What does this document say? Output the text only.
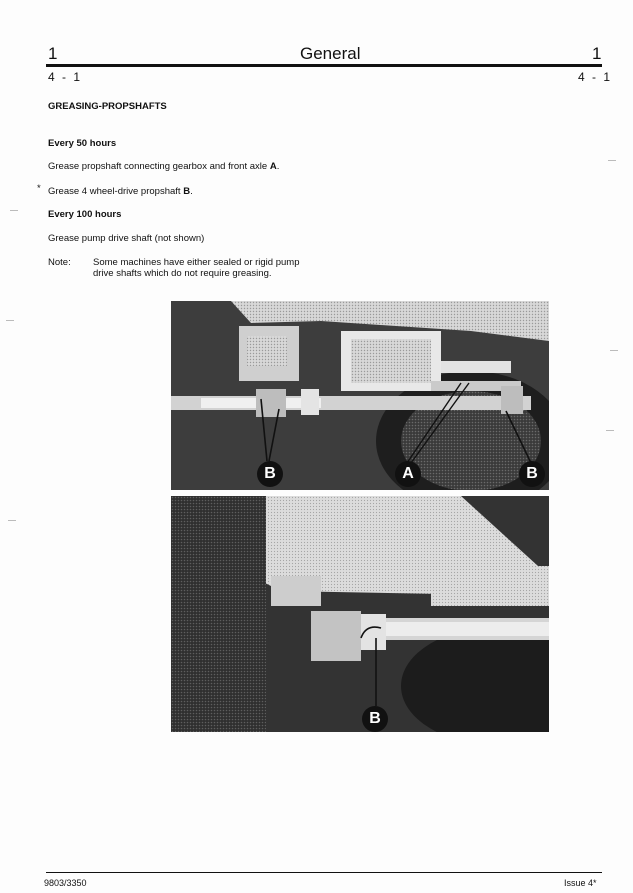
1	General	1
4 - 1	4 - 1
GREASING-PROPSHAFTS
Every 50 hours
Grease propshaft connecting gearbox and front axle A.
* Grease 4 wheel-drive propshaft B.
Every 100 hours
Grease pump drive shaft (not shown)
Note: Some machines have either sealed or rigid pump
drive shafts which do not require greasing.
B	A	B
B
9803/3350	Issue 4*
